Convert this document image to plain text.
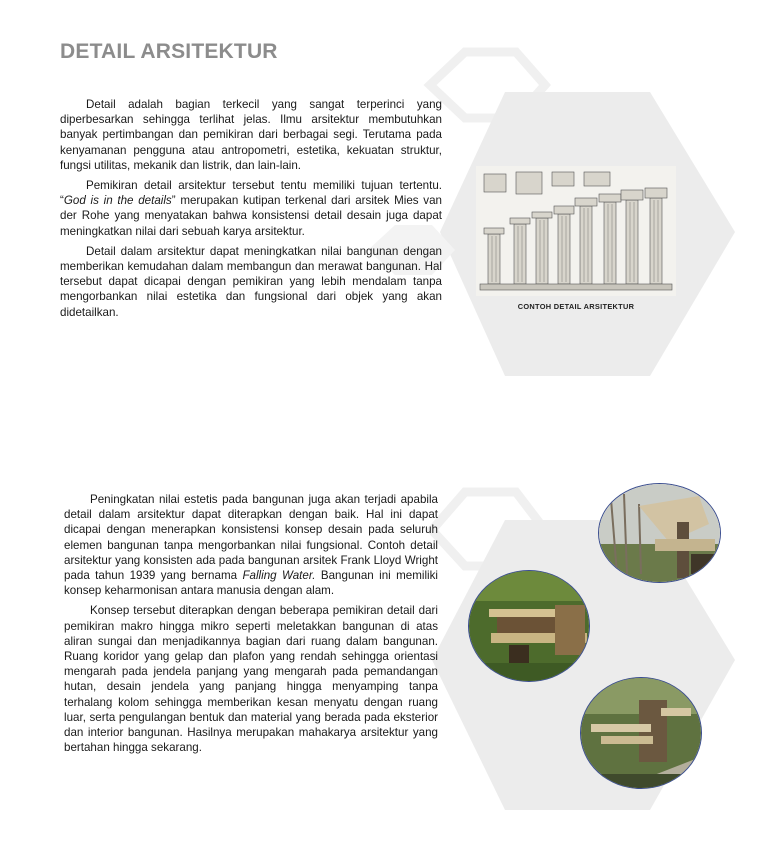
DETAIL ARSITEKTUR

Detail adalah bagian terkecil yang sangat terperinci yang diperbesarkan sehingga terlihat jelas. Ilmu arsitektur membutuhkan banyak pertimbangan dan pemikiran dari berbagai segi. Terutama pada kenyamanan pengguna atau antropometri, estetika, kekuatan struktur, fungsi utilitas, mekanik dan listrik, dan lain-lain.

Pemikiran detail arsitektur tersebut tentu memiliki tujuan tertentu. “God is in the details” merupakan kutipan terkenal dari arsitek Mies van der Rohe yang menyatakan bahwa konsistensi detail desain juga dapat meningkatkan nilai dari sebuah karya arsitektur.

Detail dalam arsitektur dapat meningkatkan nilai bangunan dengan memberikan kemudahan dalam membangun dan merawat bangunan. Hal tersebut dapat dicapai dengan pemikiran yang lebih mendalam tanpa mengorbankan nilai estetika dan fungsional dari objek yang akan didetailkan.	CONTOH DETAIL ARSITEKTUR

Peningkatan nilai estetis pada bangunan juga akan terjadi apabila detail dalam arsitektur dapat diterapkan dengan baik. Hal ini dapat dicapai dengan menerapkan konsistensi konsep desain pada seluruh elemen bangunan tanpa mengorbankan nilai fungsional. Contoh detail arsitektur yang konsisten ada pada bangunan arsitek Frank Lloyd Wright pada tahun 1939 yang bernama Falling Water. Bangunan ini memiliki konsep keharmonisan antara manusia dengan alam.

Konsep tersebut diterapkan dengan beberapa pemikiran detail dari pemikiran makro hingga mikro seperti meletakkan bangunan di atas aliran sungai dan menjadikannya bagian dari ruang dalam bangunan. Ruang koridor yang gelap dan plafon yang rendah sehingga orientasi mengarah pada jendela panjang yang mengarah pada pemandangan hutan, desain jendela yang panjang hingga menyamping tanpa terhalang kolom sehingga memberikan kesan menyatu dengan ruang luar, serta pengulangan bentuk dan material yang berada pada eksterior dan interior bangunan. Hasilnya merupakan mahakarya arsitektur yang bertahan hingga sekarang.
